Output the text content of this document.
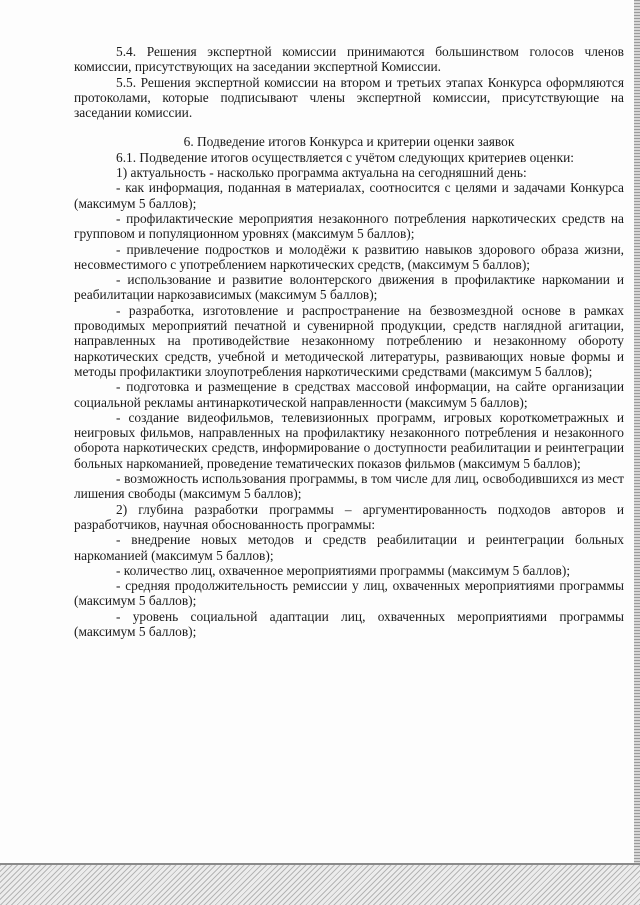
5.4. Решения экспертной комиссии принимаются большинством голосов членов комиссии, присутствующих на заседании экспертной Комиссии.

5.5. Решения экспертной комиссии на втором и третьих этапах Конкурса оформляются протоколами, которые подписывают члены экспертной комиссии, присутствующие на заседании комиссии.

6. Подведение итогов Конкурса и критерии оценки заявок

6.1. Подведение итогов осуществляется с учётом следующих критериев оценки:

1) актуальность - насколько программа актуальна на сегодняшний день:

- как информация, поданная в материалах, соотносится с целями и задачами Конкурса (максимум 5 баллов);

- профилактические мероприятия незаконного потребления наркотических средств на групповом и популяционном уровнях (максимум 5 баллов);

- привлечение подростков и молодёжи к развитию навыков здорового образа жизни, несовместимого с употреблением наркотических средств, (максимум 5 баллов);

- использование и развитие волонтерского движения в профилактике наркомании и реабилитации наркозависимых (максимум 5 баллов);

- разработка, изготовление и распространение на безвозмездной основе в рамках проводимых мероприятий печатной и сувенирной продукции, средств наглядной агитации, направленных на противодействие незаконному потреблению и незаконному обороту наркотических средств, учебной и методической литературы, развивающих новые формы и методы профилактики злоупотребления наркотическими средствами (максимум 5 баллов);

- подготовка и размещение в средствах массовой информации, на сайте организации социальной рекламы антинаркотической направленности (максимум 5 баллов);

- создание видеофильмов, телевизионных программ, игровых короткометражных и неигровых фильмов, направленных на профилактику незаконного потребления и незаконного оборота наркотических средств, информирование о доступности реабилитации и реинтеграции больных наркоманией, проведение тематических показов фильмов (максимум 5 баллов);

- возможность использования программы, в том числе для лиц, освободившихся из мест лишения свободы (максимум 5 баллов);

2) глубина разработки программы – аргументированность подходов авторов и разработчиков, научная обоснованность программы:

- внедрение новых методов и средств реабилитации и реинтеграции больных наркоманией (максимум 5 баллов);

- количество лиц, охваченное мероприятиями программы (максимум 5 баллов);

- средняя продолжительность ремиссии у лиц, охваченных мероприятиями программы (максимум 5 баллов);

- уровень социальной адаптации лиц, охваченных мероприятиями программы (максимум 5 баллов);
